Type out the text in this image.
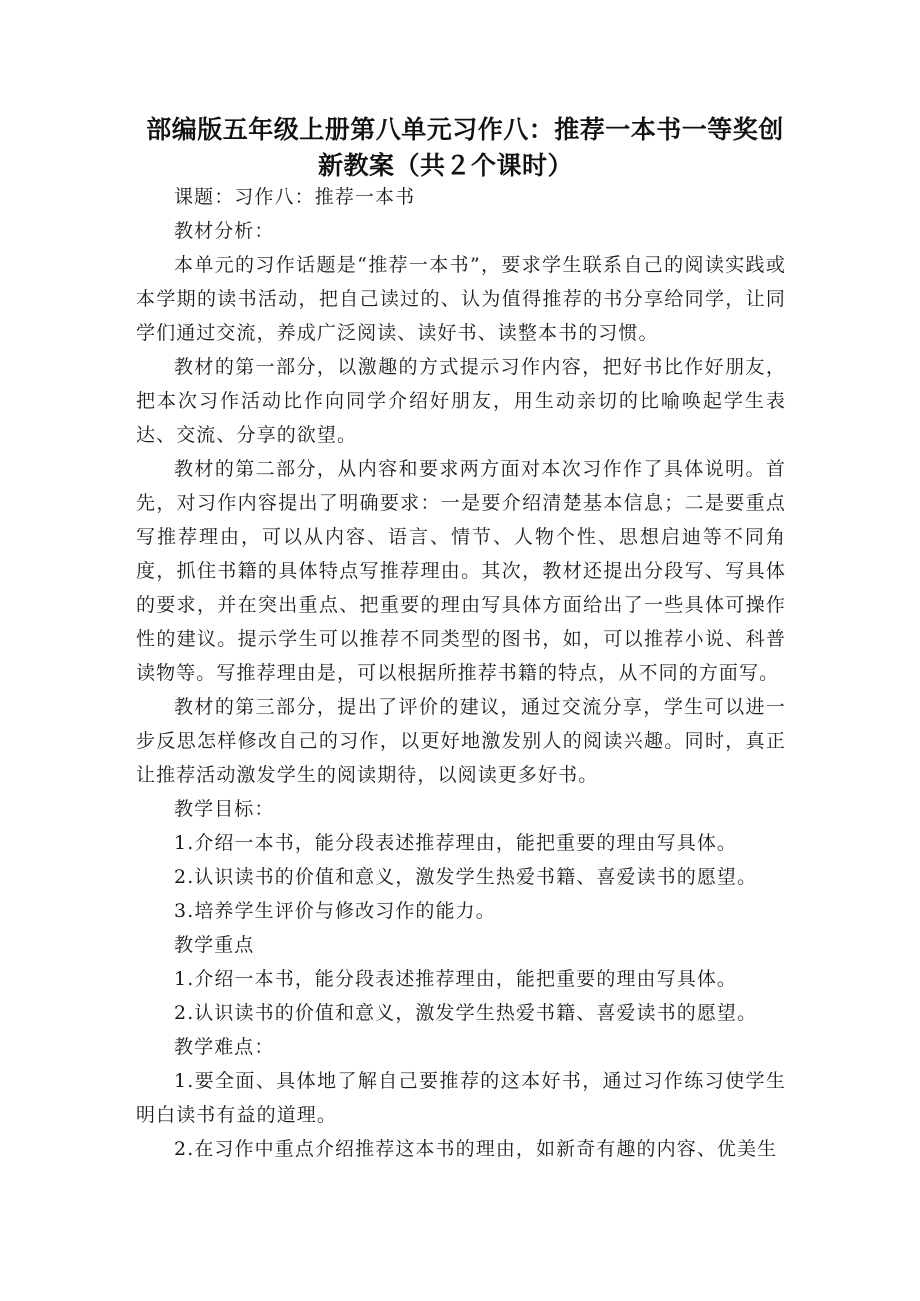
部编版五年级上册第八单元习作八：推荐一本书一等奖创
新教案（共２个课时）

课题：习作八：推荐一本书

教材分析：

本单元的习作话题是“推荐一本书”，要求学生联系自己的阅读实践或本学期的读书活动，把自己读过的、认为值得推荐的书分享给同学，让同学们通过交流，养成广泛阅读、读好书、读整本书的习惯。

教材的第一部分，以激趣的方式提示习作内容，把好书比作好朋友，把本次习作活动比作向同学介绍好朋友，用生动亲切的比喻唤起学生表达、交流、分享的欲望。

教材的第二部分，从内容和要求两方面对本次习作作了具体说明。首先，对习作内容提出了明确要求：一是要介绍清楚基本信息；二是要重点写推荐理由，可以从内容、语言、情节、人物个性、思想启迪等不同角度，抓住书籍的具体特点写推荐理由。其次，教材还提出分段写、写具体的要求，并在突出重点、把重要的理由写具体方面给出了一些具体可操作性的建议。提示学生可以推荐不同类型的图书，如，可以推荐小说、科普读物等。写推荐理由是，可以根据所推荐书籍的特点，从不同的方面写。

教材的第三部分，提出了评价的建议，通过交流分享，学生可以进一步反思怎样修改自己的习作，以更好地激发别人的阅读兴趣。同时，真正让推荐活动激发学生的阅读期待，以阅读更多好书。

教学目标：

1.介绍一本书，能分段表述推荐理由，能把重要的理由写具体。

2.认识读书的价值和意义，激发学生热爱书籍、喜爱读书的愿望。

3.培养学生评价与修改习作的能力。

教学重点

1.介绍一本书，能分段表述推荐理由，能把重要的理由写具体。

2.认识读书的价值和意义，激发学生热爱书籍、喜爱读书的愿望。

教学难点：

1.要全面、具体地了解自己要推荐的这本好书，通过习作练习使学生明白读书有益的道理。

2.在习作中重点介绍推荐这本书的理由，如新奇有趣的内容、优美生
